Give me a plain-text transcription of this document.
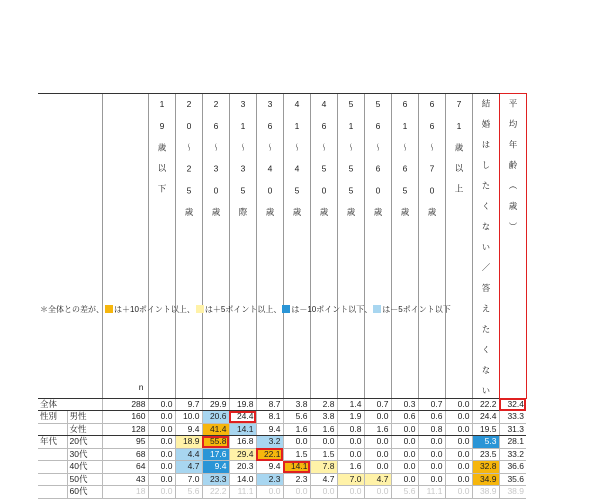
		n	1 9 歳 以 下	2 0 〜 2 5 歳	2 6 〜 3 0 歳	3 1 〜 3 5 際	3 6 〜 4 0 歳	4 1 〜 4 5 歳	4 6 〜 5 0 歳	5 1 〜 5 5 歳	5 6 〜 6 0 歳	6 1 〜 6 5 歳	6 6 〜 7 0 歳	7 1 歳 以 上	結 婚 は し た く な い ／ 答 え た く な い	平 均 年 齢 （ 歳 ）
全体		288	0.0	9.7	29.9	19.8	8.7	3.8	2.8	1.4	0.7	0.3	0.7	0.0	22.2	32.4
性別	男性	160	0.0	10.0	20.6	24.4	8.1	5.6	3.8	1.9	0.0	0.6	0.6	0.0	24.4	33.3
	女性	128	0.0	9.4	41.4	14.1	9.4	1.6	1.6	0.8	1.6	0.0	0.8	0.0	19.5	31.3
年代	20代	95	0.0	18.9	55.8	16.8	3.2	0.0	0.0	0.0	0.0	0.0	0.0	0.0	5.3	28.1
	30代	68	0.0	4.4	17.6	29.4	22.1	1.5	1.5	0.0	0.0	0.0	0.0	0.0	23.5	33.2
	40代	64	0.0	4.7	9.4	20.3	9.4	14.1	7.8	1.6	0.0	0.0	0.0	0.0	32.8	36.6
	50代	43	0.0	7.0	23.3	14.0	2.3	2.3	4.7	7.0	4.7	0.0	0.0	0.0	34.9	35.6
	60代	18	0.0	5.6	22.2	11.1	0.0	0.0	0.0	0.0	0.0	5.6	11.1	0.0	38.9	38.9
＊全体との差が、 は＋10ポイント以上、 は＋5ポイント以上、 は－10ポイント以下、 は－5ポイント以下
